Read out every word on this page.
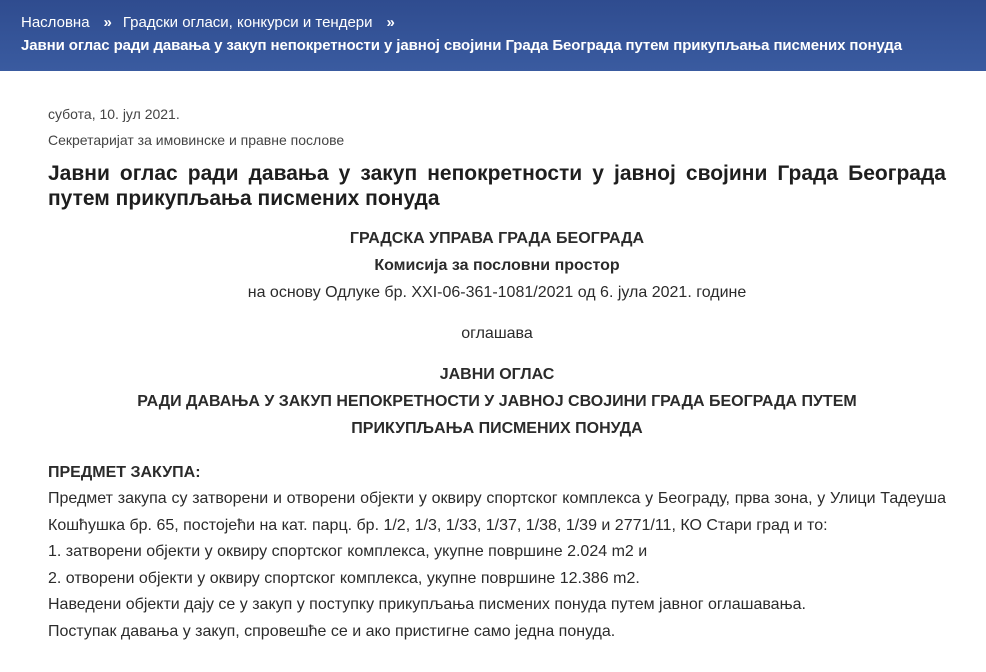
Насловна » Градски огласи, конкурси и тендери »
Јавни оглас ради давања у закуп непокретности у јавној својини Града Београда путем прикупљања писмених понуда
субота, 10. јул 2021.
Секретаријат за имовинске и правне послове
Јавни оглас ради давања у закуп непокретности у јавној својини Града Београда путем прикупљања писмених понуда
ГРАДСКА УПРАВА ГРАДА БЕОГРАДА
Комисија за пословни простор
на основу Одлуке бр. XXI-06-361-1081/2021 од 6. јула 2021. године
оглашава
ЈАВНИ ОГЛАС
РАДИ ДАВАЊА У ЗАКУП НЕПОКРЕТНОСТИ У ЈАВНОЈ СВОЈИНИ ГРАДА БЕОГРАДА ПУТЕМ
ПРИКУПЉАЊА ПИСМЕНИХ ПОНУДА
ПРЕДМЕТ ЗАКУПА:
Предмет закупа су затворени и отворени објекти у оквиру спортског комплекса у Београду, прва зона, у Улици Тадеуша Кошћушка бр. 65, постојећи на кат. парц. бр. 1/2, 1/3, 1/33, 1/37, 1/38, 1/39 и 2771/11, КО Стари град и то:
1. затворени објекти у оквиру спортског комплекса, укупне површине 2.024 m2 и
2. отворени објекти у оквиру спортског комплекса, укупне површине 12.386 m2.
Наведени објекти дају се у закуп у поступку прикупљања писмених понуда путем јавног оглашавања.
Поступак давања у закуп, спровешће се и ако пристигне само једна понуда.
